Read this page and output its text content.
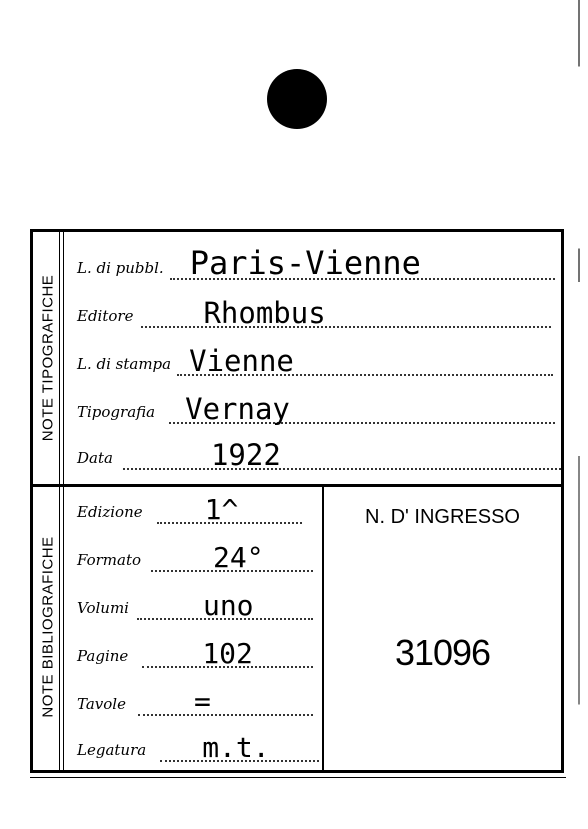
NOTE TIPOGRAFICHE
L. di pubbl. Paris-Vienne
Editore Rhombus
L. di stampa Vienne
Tipografia Vernay
Data	1922
NOTE BIBLIOGRAFICHE
Edizione 1^
Formato	24°
Volumi	uno
Pagine	102
Tavole =
Legatura m.t.
N. D' INGRESSO
31096
